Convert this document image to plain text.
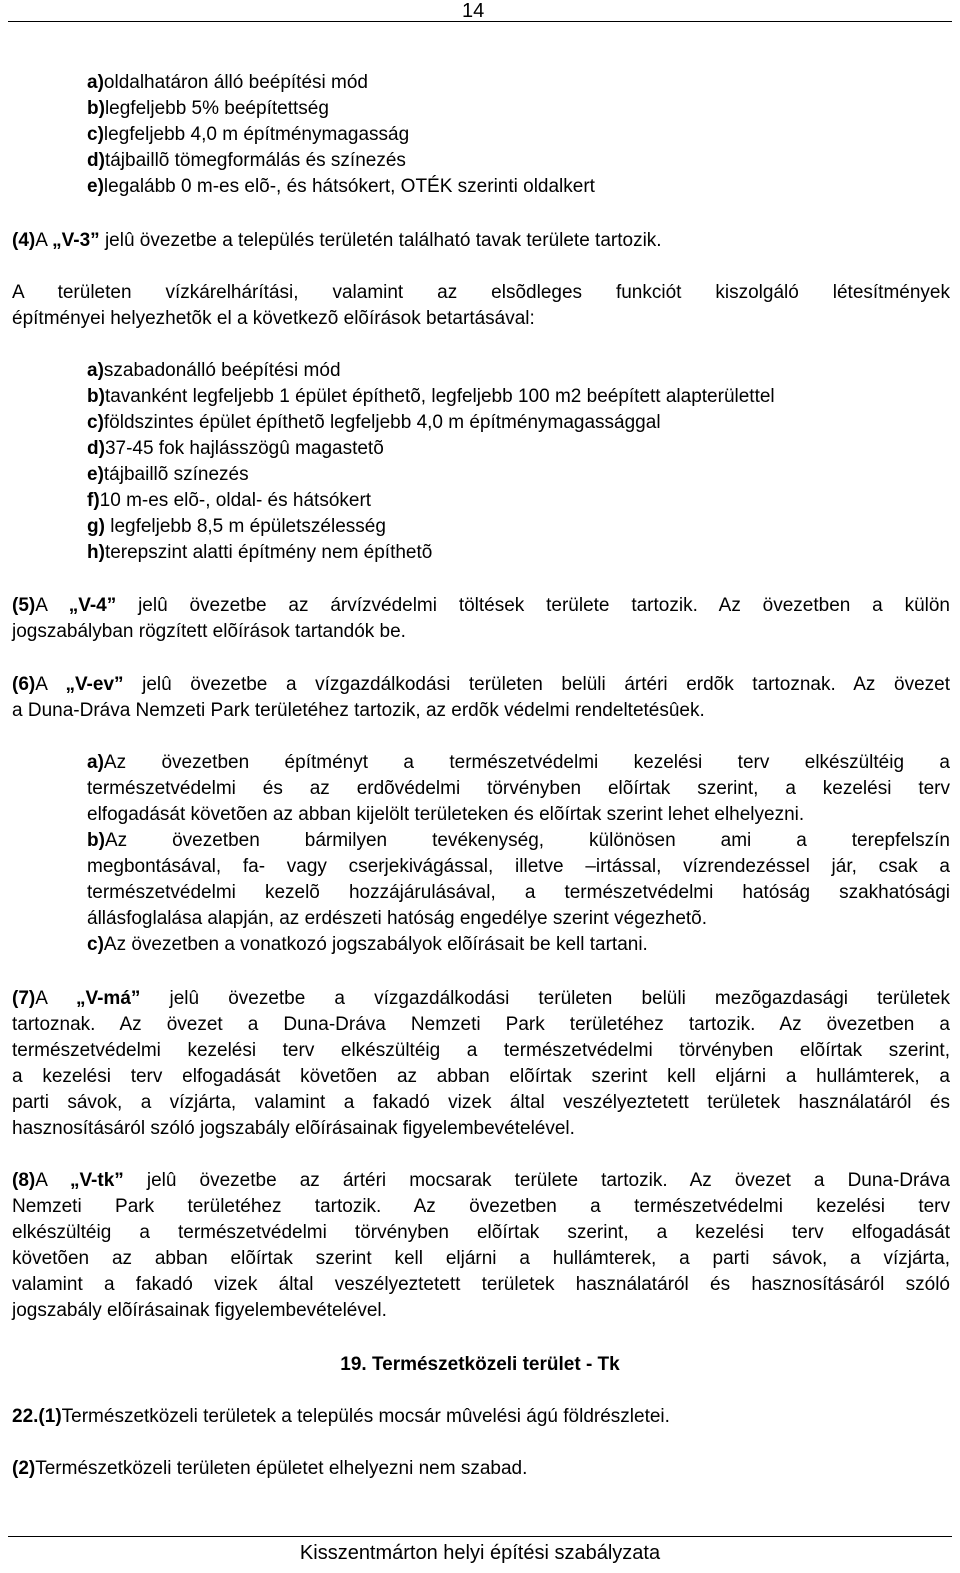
14
a)oldalhatáron álló beépítési mód
b)legfeljebb 5% beépítettség
c)legfeljebb 4,0 m építménymagasság
d)tájbaillõ tömegformálás és színezés
e)legalább 0 m-es elõ-, és hátsókert, OTÉK szerinti oldalkert
(4)A „V-3” jelû övezetbe a település területén található tavak területe tartozik.
A területen vízkárelhárítási, valamint az elsõdleges funkciót kiszolgáló létesítmények
építményei helyezhetõk el a következõ elõírások betartásával:
a)szabadonálló beépítési mód
b)tavanként legfeljebb 1 épület építhetõ, legfeljebb 100 m2 beépített alapterülettel
c)földszintes épület építhetõ legfeljebb 4,0 m építménymagassággal
d)37-45 fok hajlásszögû magastetõ
e)tájbaillõ színezés
f)10 m-es elõ-, oldal- és hátsókert
g) legfeljebb 8,5 m épületszélesség
h)terepszint alatti építmény nem építhetõ
(5)A „V-4” jelû övezetbe az árvízvédelmi töltések területe tartozik. Az övezetben a külön
jogszabályban rögzített elõírások tartandók be.
(6)A „V-ev” jelû övezetbe a vízgazdálkodási területen belüli ártéri erdõk tartoznak. Az övezet
a Duna-Dráva Nemzeti Park területéhez tartozik, az erdõk védelmi rendeltetésûek.
a)Az övezetben építményt a természetvédelmi kezelési terv elkészültéig a
természetvédelmi és az erdõvédelmi törvényben elõírtak szerint, a kezelési terv
elfogadását követõen az abban kijelölt területeken és elõírtak szerint lehet elhelyezni.
b)Az övezetben bármilyen tevékenység, különösen ami a terepfelszín
megbontásával, fa- vagy cserjekivágással, illetve –irtással, vízrendezéssel jár, csak a
természetvédelmi kezelõ hozzájárulásával, a természetvédelmi hatóság szakhatósági
állásfoglalása alapján, az erdészeti hatóság engedélye szerint végezhetõ.
c)Az övezetben a vonatkozó jogszabályok elõírásait be kell tartani.
(7)A „V-má” jelû övezetbe a vízgazdálkodási területen belüli mezõgazdasági területek
tartoznak. Az övezet a Duna-Dráva Nemzeti Park területéhez tartozik. Az övezetben a
természetvédelmi kezelési terv elkészültéig a természetvédelmi törvényben elõírtak szerint,
a kezelési terv elfogadását követõen az abban elõírtak szerint kell eljárni a hullámterek, a
parti sávok, a vízjárta, valamint a fakadó vizek által veszélyeztetett területek használatáról és
hasznosításáról szóló jogszabály elõírásainak figyelembevételével.
(8)A „V-tk” jelû övezetbe az ártéri mocsarak területe tartozik. Az övezet a Duna-Dráva
Nemzeti Park területéhez tartozik. Az övezetben a természetvédelmi kezelési terv
elkészültéig a természetvédelmi törvényben elõírtak szerint, a kezelési terv elfogadását
követõen az abban elõírtak szerint kell eljárni a hullámterek, a parti sávok, a vízjárta,
valamint a fakadó vizek által veszélyeztetett területek használatáról és hasznosításáról szóló
jogszabály elõírásainak figyelembevételével.
19. Természetközeli terület - Tk
22.(1)Természetközeli területek a település mocsár mûvelési ágú földrészletei.
(2)Természetközeli területen épületet elhelyezni nem szabad.
Kisszentmárton helyi építési szabályzata
